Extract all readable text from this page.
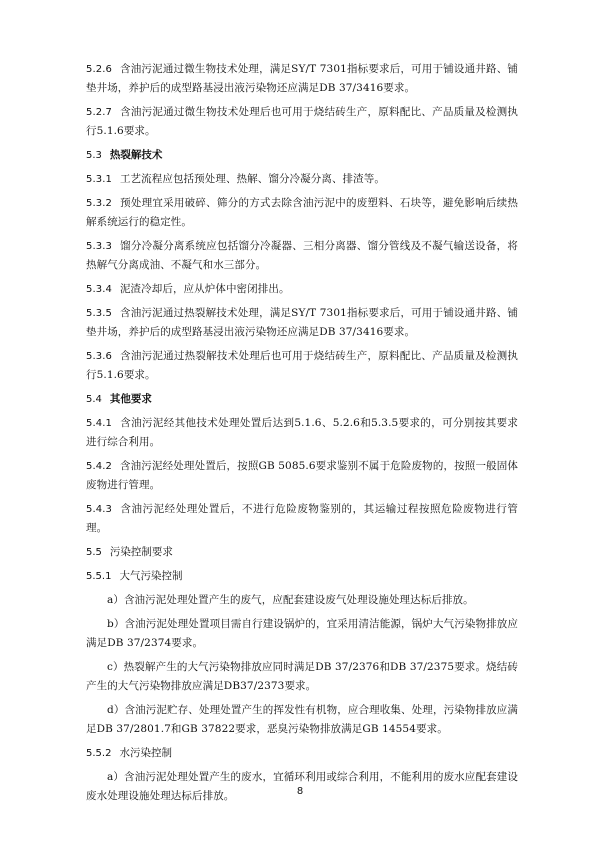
5.2.6 含油污泥通过微生物技术处理，满足SY/T 7301指标要求后，可用于铺设通井路、铺垫井场，养护后的成型路基浸出液污染物还应满足DB 37/3416要求。

5.2.7 含油污泥通过微生物技术处理后也可用于烧结砖生产，原料配比、产品质量及检测执行5.1.6要求。

5.3 热裂解技术

5.3.1 工艺流程应包括预处理、热解、馏分冷凝分离、排渣等。

5.3.2 预处理宜采用破碎、筛分的方式去除含油污泥中的废塑料、石块等，避免影响后续热解系统运行的稳定性。

5.3.3 馏分冷凝分离系统应包括馏分冷凝器、三相分离器、馏分管线及不凝气输送设备，将热解气分离成油、不凝气和水三部分。

5.3.4 泥渣冷却后，应从炉体中密闭排出。

5.3.5 含油污泥通过热裂解技术处理，满足SY/T 7301指标要求后，可用于铺设通井路、铺垫井场，养护后的成型路基浸出液污染物还应满足DB 37/3416要求。

5.3.6 含油污泥通过热裂解技术处理后也可用于烧结砖生产，原料配比、产品质量及检测执行5.1.6要求。

5.4 其他要求

5.4.1 含油污泥经其他技术处理处置后达到5.1.6、5.2.6和5.3.5要求的，可分别按其要求进行综合利用。

5.4.2 含油污泥经处理处置后，按照GB 5085.6要求鉴别不属于危险废物的，按照一般固体废物进行管理。

5.4.3 含油污泥经处理处置后，不进行危险废物鉴别的，其运输过程按照危险废物进行管理。

5.5 污染控制要求

5.5.1 大气污染控制

a）含油污泥处理处置产生的废气，应配套建设废气处理设施处理达标后排放。

b）含油污泥处理处置项目需自行建设锅炉的，宜采用清洁能源，锅炉大气污染物排放应满足DB 37/2374要求。

c）热裂解产生的大气污染物排放应同时满足DB 37/2376和DB 37/2375要求。烧结砖产生的大气污染物排放应满足DB37/2373要求。

d）含油污泥贮存、处理处置产生的挥发性有机物，应合理收集、处理，污染物排放应满足DB 37/2801.7和GB 37822要求，恶臭污染物排放满足GB 14554要求。

5.5.2 水污染控制

a）含油污泥处理处置产生的废水，宜循环利用或综合利用，不能利用的废水应配套建设废水处理设施处理达标后排放。	8
